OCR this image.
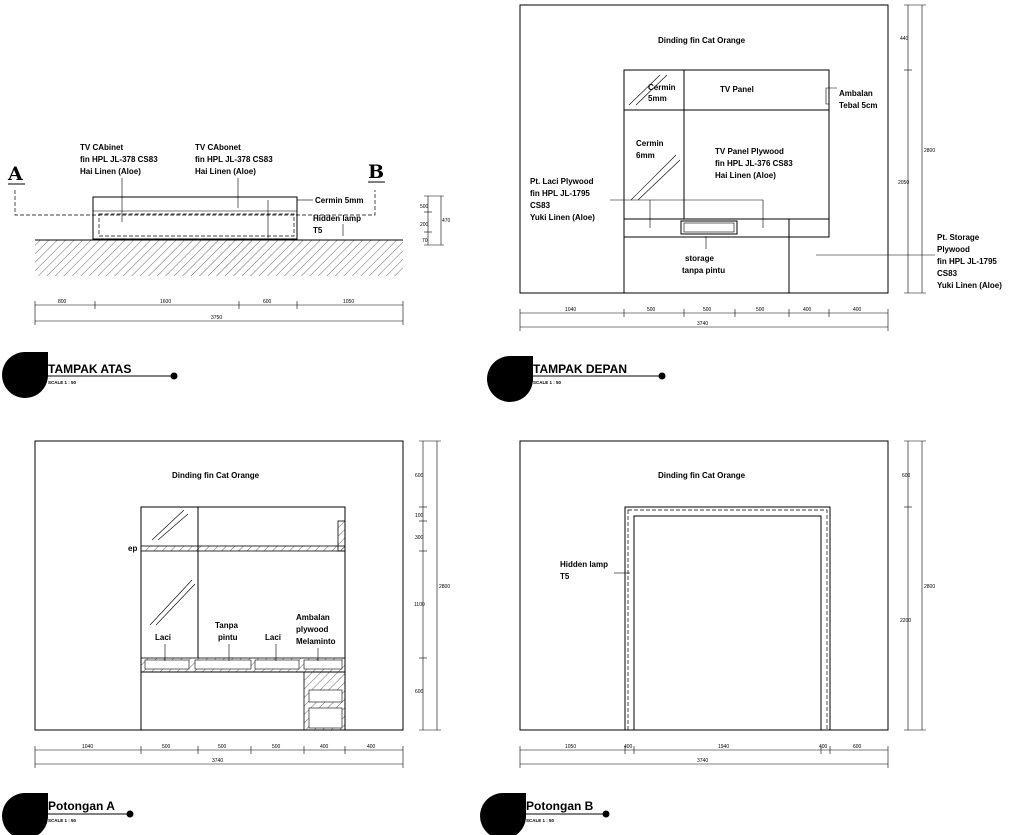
A	B
TV CAbinet fin HPL JL-378 CS83 Hai Linen (Aloe)
TV CAbonet fin HPL JL-378 CS83 Hai Linen (Aloe)
Cermin 5mm
Hidden lamp T5
800	1600	600	1050
3750
500
200
70
470
TAMPAK ATAS
SCALE 1 : 50
Dinding fin Cat Orange
Cermin 5mm
TV Panel	Ambalan Tebal 5cm
Cermin 6mm	TV Panel Plywood fin HPL JL-376 CS83 Hai Linen (Aloe)
Pt. Laci Plywood fin HPL JL-1795 CS83 Yuki Linen (Aloe)
storage tanpa pintu
Pt. Storage Plywood fin HPL JL-1795 CS83 Yuki Linen (Aloe)
1040	500	500	500	400	400
3740
440
2050
2800
TAMPAK DEPAN
SCALE 1 : 50
Dinding fin Cat Orange
ep
Laci
Tanpa pintu	Laci
Ambalan plywood Melaminto
1040	500	500	500	400	400
3740
600
100
300
1100
600
2800
Potongan A
SCALE 1 : 50
Dinding fin Cat Orange
Hidden lamp T5
1050	400	1940	400	600
3740
600
2200
2800
Potongan B
SCALE 1 : 50
